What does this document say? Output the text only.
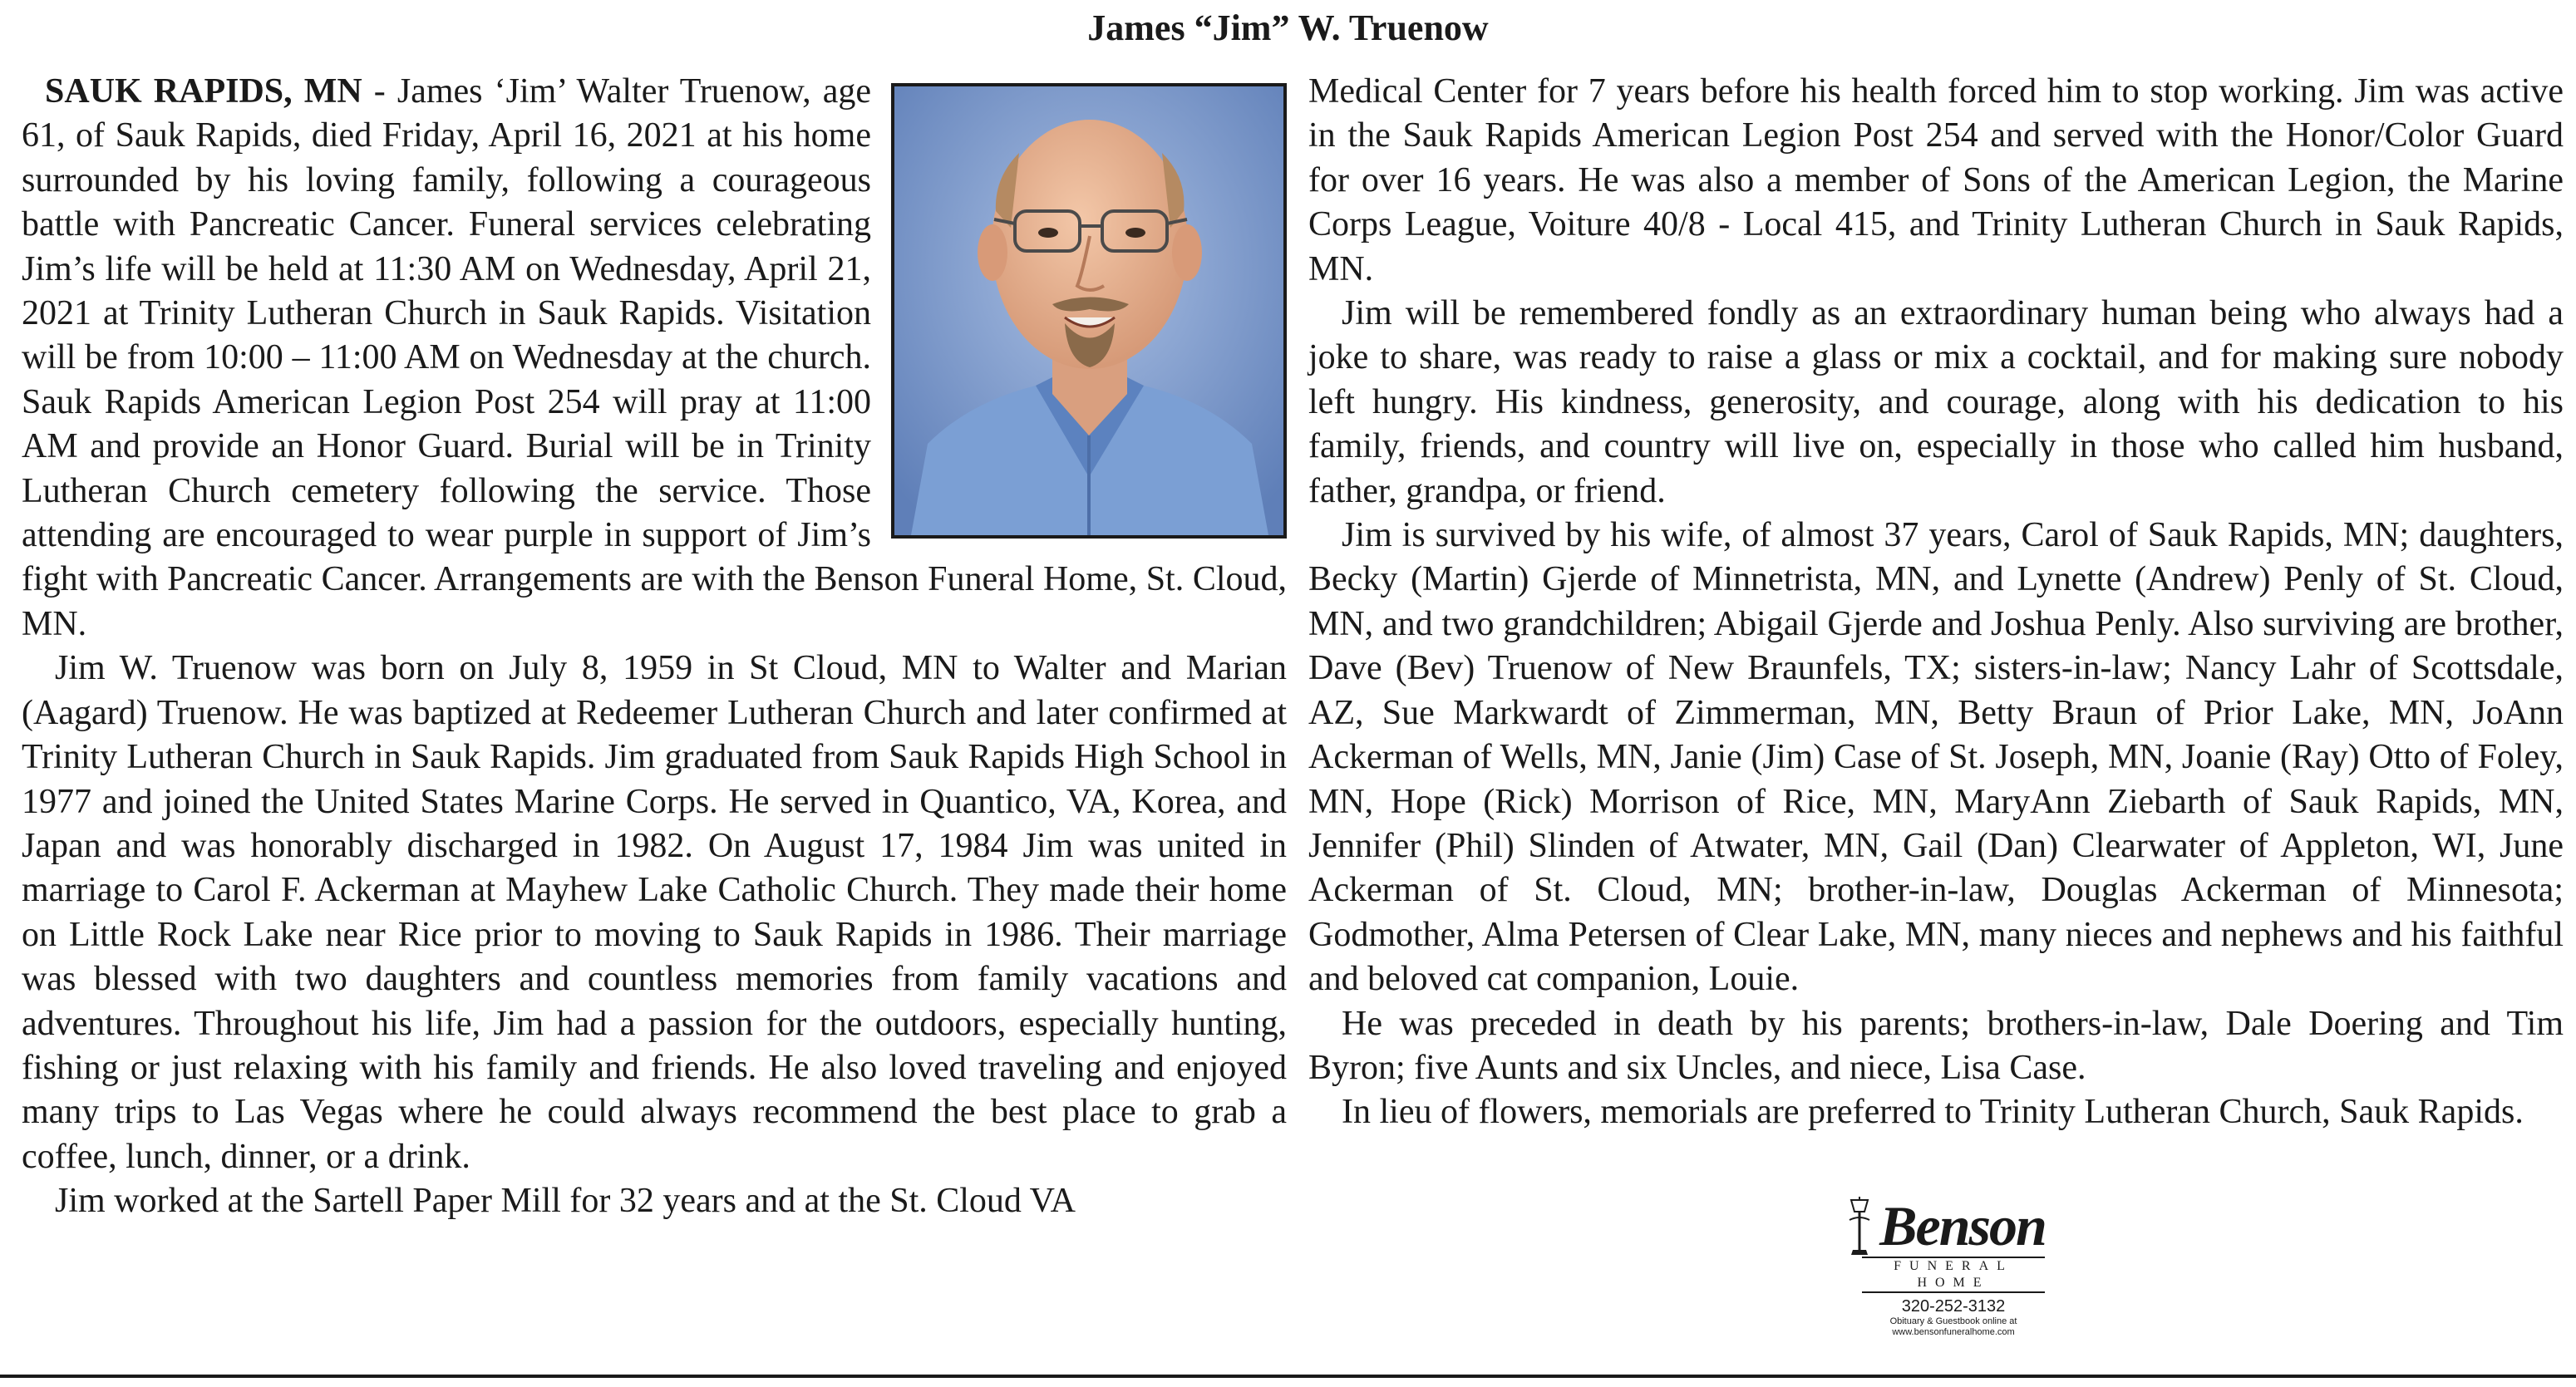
James “Jim” W. Truenow

SAUK RAPIDS, MN - James ‘Jim’ Walter Truenow, age 61, of Sauk Rapids, died Friday, April 16, 2021 at his home surrounded by his loving family, following a courageous battle with Pancreatic Cancer. Funeral services celebrating Jim’s life will be held at 11:30 AM on Wednesday, April 21, 2021 at Trinity Lutheran Church in Sauk Rapids. Visitation will be from 10:00 – 11:00 AM on Wednesday at the church. Sauk Rapids American Legion Post 254 will pray at 11:00 AM and provide an Honor Guard. Burial will be in Trinity Lutheran Church cemetery following the service. Those attending are encouraged to wear purple in support of Jim’s fight with Pancreatic Cancer. Arrangements are with the Benson Funeral Home, St. Cloud, MN.

Jim W. Truenow was born on July 8, 1959 in St Cloud, MN to Walter and Marian (Aagard) Truenow. He was baptized at Redeemer Lutheran Church and later confirmed at Trinity Lutheran Church in Sauk Rapids. Jim graduated from Sauk Rapids High School in 1977 and joined the United States Marine Corps. He served in Quantico, VA, Korea, and Japan and was honorably discharged in 1982. On August 17, 1984 Jim was united in marriage to Carol F. Ackerman at Mayhew Lake Catholic Church. They made their home on Little Rock Lake near Rice prior to moving to Sauk Rapids in 1986. Their marriage was blessed with two daughters and countless memories from family vacations and adventures. Throughout his life, Jim had a passion for the outdoors, especially hunting, fishing or just relaxing with his family and friends. He also loved traveling and enjoyed many trips to Las Vegas where he could always recommend the best place to grab a coffee, lunch, dinner, or a drink.

Jim worked at the Sartell Paper Mill for 32 years and at the St. Cloud VA

Medical Center for 7 years before his health forced him to stop working. Jim was active in the Sauk Rapids American Legion Post 254 and served with the Honor/Color Guard for over 16 years. He was also a member of Sons of the American Legion, the Marine Corps League, Voiture 40/8 - Local 415, and Trinity Lutheran Church in Sauk Rapids, MN.

Jim will be remembered fondly as an extraordinary human being who always had a joke to share, was ready to raise a glass or mix a cocktail, and for making sure nobody left hungry. His kindness, generosity, and courage, along with his dedication to his family, friends, and country will live on, especially in those who called him husband, father, grandpa, or friend.

Jim is survived by his wife, of almost 37 years, Carol of Sauk Rapids, MN; daughters, Becky (Martin) Gjerde of Minnetrista, MN, and Lynette (Andrew) Penly of St. Cloud, MN, and two grandchildren; Abigail Gjerde and Joshua Penly. Also surviving are brother, Dave (Bev) Truenow of New Braunfels, TX; sisters-in-law; Nancy Lahr of Scottsdale, AZ, Sue Markwardt of Zimmerman, MN, Betty Braun of Prior Lake, MN, JoAnn Ackerman of Wells, MN, Janie (Jim) Case of St. Joseph, MN, Joanie (Ray) Otto of Foley, MN, Hope (Rick) Morrison of Rice, MN, MaryAnn Ziebarth of Sauk Rapids, MN, Jennifer (Phil) Slinden of Atwater, MN, Gail (Dan) Clearwater of Appleton, WI, June Ackerman of St. Cloud, MN; brother-in-law, Douglas Ackerman of Minnesota; Godmother, Alma Petersen of Clear Lake, MN, many nieces and nephews and his faithful and beloved cat companion, Louie.

He was preceded in death by his parents; brothers-in-law, Dale Doering and Tim Byron; five Aunts and six Uncles, and niece, Lisa Case.

In lieu of flowers, memorials are preferred to Trinity Lutheran Church, Sauk Rapids.

Benson
FUNERAL HOME
320-252-3132
Obituary & Guestbook online at
www.bensonfuneralhome.com
